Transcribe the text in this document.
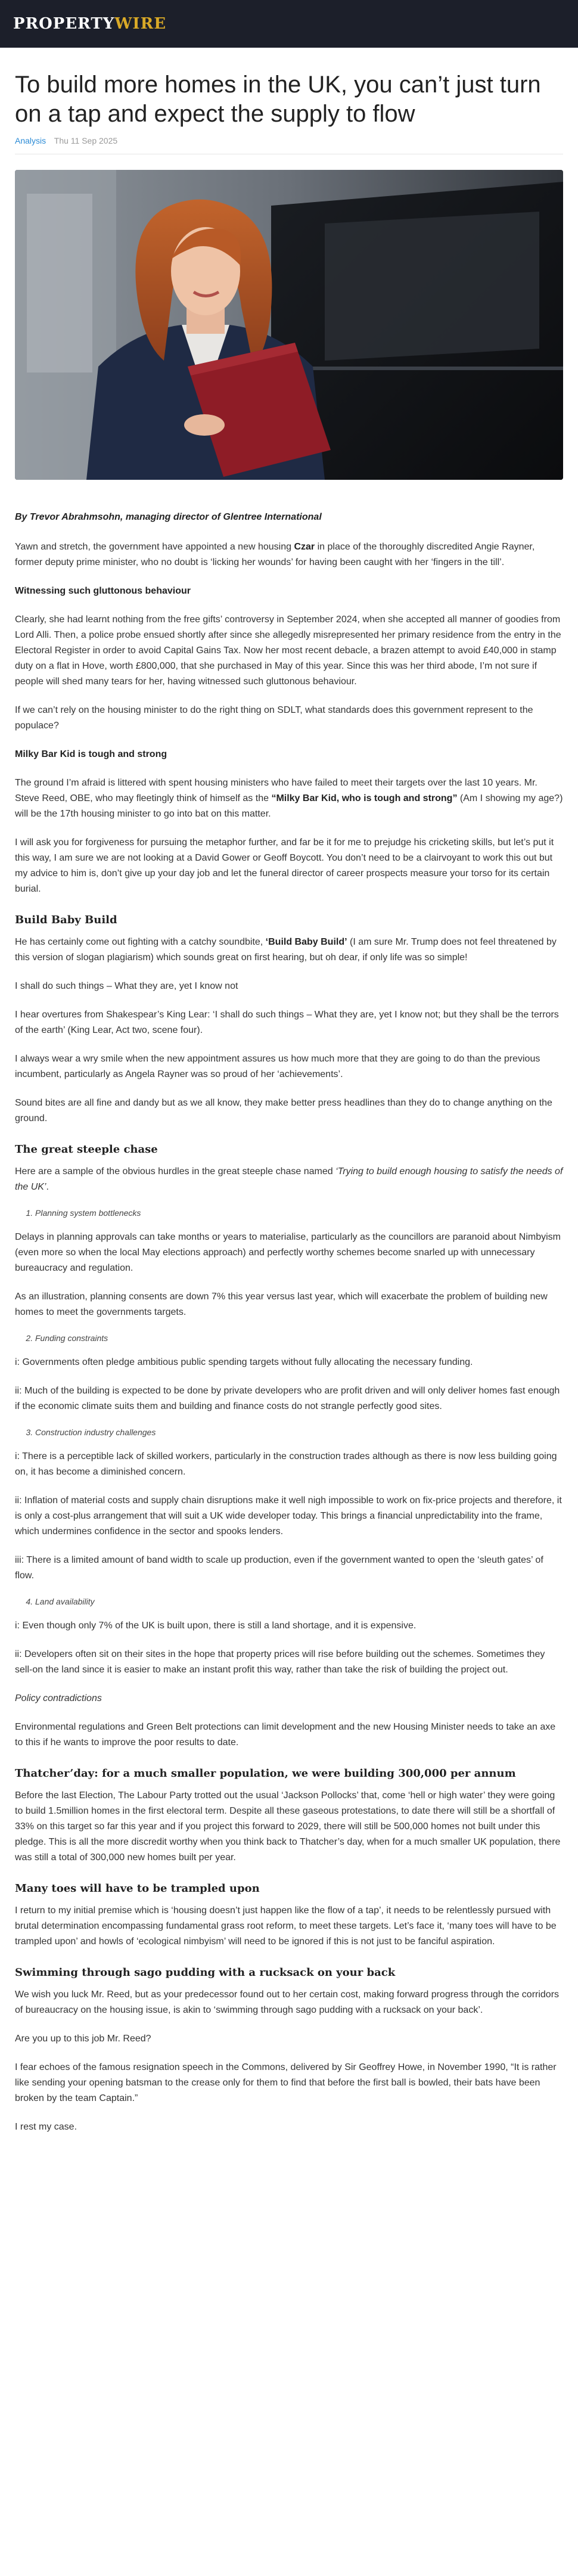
PROPERTYWIRE
To build more homes in the UK, you can’t just turn on a tap and expect the supply to flow
Analysis Thu 11 Sep 2025

By Trevor Abrahmsohn, managing director of Glentree International

Yawn and stretch, the government have appointed a new housing Czar in place of the thoroughly discredited Angie Rayner, former deputy prime minister, who no doubt is ‘licking her wounds’ for having been caught with her ‘fingers in the till’.

Witnessing such gluttonous behaviour

Clearly, she had learnt nothing from the free gifts’ controversy in September 2024, when she accepted all manner of goodies from Lord Alli. Then, a police probe ensued shortly after since she allegedly misrepresented her primary residence from the entry in the Electoral Register in order to avoid Capital Gains Tax. Now her most recent debacle, a brazen attempt to avoid £40,000 in stamp duty on a flat in Hove, worth £800,000, that she purchased in May of this year. Since this was her third abode, I’m not sure if people will shed many tears for her, having witnessed such gluttonous behaviour.

If we can’t rely on the housing minister to do the right thing on SDLT, what standards does this government represent to the populace?

Milky Bar Kid is tough and strong

The ground I’m afraid is littered with spent housing ministers who have failed to meet their targets over the last 10 years. Mr. Steve Reed, OBE, who may fleetingly think of himself as the “Milky Bar Kid, who is tough and strong” (Am I showing my age?) will be the 17th housing minister to go into bat on this matter.

I will ask you for forgiveness for pursuing the metaphor further, and far be it for me to prejudge his cricketing skills, but let’s put it this way, I am sure we are not looking at a David Gower or Geoff Boycott. You don’t need to be a clairvoyant to work this out but my advice to him is, don’t give up your day job and let the funeral director of career prospects measure your torso for its certain burial.

Build Baby Build

He has certainly come out fighting with a catchy soundbite, ‘Build Baby Build’ (I am sure Mr. Trump does not feel threatened by this version of slogan plagiarism) which sounds great on first hearing, but oh dear, if only life was so simple!

I shall do such things – What they are, yet I know not

I hear overtures from Shakespear’s King Lear: ‘I shall do such things – What they are, yet I know not; but they shall be the terrors of the earth’ (King Lear, Act two, scene four).

I always wear a wry smile when the new appointment assures us how much more that they are going to do than the previous incumbent, particularly as Angela Rayner was so proud of her ‘achievements’.

Sound bites are all fine and dandy but as we all know, they make better press headlines than they do to change anything on the ground.

The great steeple chase

Here are a sample of the obvious hurdles in the great steeple chase named ‘Trying to build enough housing to satisfy the needs of the UK’.

1. Planning system bottlenecks

Delays in planning approvals can take months or years to materialise, particularly as the councillors are paranoid about Nimbyism (even more so when the local May elections approach) and perfectly worthy schemes become snarled up with unnecessary bureaucracy and regulation.

As an illustration, planning consents are down 7% this year versus last year, which will exacerbate the problem of building new homes to meet the governments targets.

2. Funding constraints

i: Governments often pledge ambitious public spending targets without fully allocating the necessary funding.

ii: Much of the building is expected to be done by private developers who are profit driven and will only deliver homes fast enough if the economic climate suits them and building and finance costs do not strangle perfectly good sites.

3. Construction industry challenges

i: There is a perceptible lack of skilled workers, particularly in the construction trades although as there is now less building going on, it has become a diminished concern.

ii: Inflation of material costs and supply chain disruptions make it well nigh impossible to work on fix-price projects and therefore, it is only a cost-plus arrangement that will suit a UK wide developer today. This brings a financial unpredictability into the frame, which undermines confidence in the sector and spooks lenders.

iii: There is a limited amount of band width to scale up production, even if the government wanted to open the ‘sleuth gates’ of flow.

4. Land availability

i: Even though only 7% of the UK is built upon, there is still a land shortage, and it is expensive.

ii: Developers often sit on their sites in the hope that property prices will rise before building out the schemes. Sometimes they sell-on the land since it is easier to make an instant profit this way, rather than take the risk of building the project out.

Policy contradictions

Environmental regulations and Green Belt protections can limit development and the new Housing Minister needs to take an axe to this if he wants to improve the poor results to date.

Thatcher’day: for a much smaller population, we were building 300,000 per annum

Before the last Election, The Labour Party trotted out the usual ‘Jackson Pollocks’ that, come ‘hell or high water’ they were going to build 1.5million homes in the first electoral term. Despite all these gaseous protestations, to date there will still be a shortfall of 33% on this target so far this year and if you project this forward to 2029, there will still be 500,000 homes not built under this pledge. This is all the more discredit worthy when you think back to Thatcher’s day, when for a much smaller UK population, there was still a total of 300,000 new homes built per year.

Many toes will have to be trampled upon

I return to my initial premise which is ‘housing doesn’t just happen like the flow of a tap’, it needs to be relentlessly pursued with brutal determination encompassing fundamental grass root reform, to meet these targets. Let’s face it, ‘many toes will have to be trampled upon’ and howls of ‘ecological nimbyism’ will need to be ignored if this is not just to be fanciful aspiration.

Swimming through sago pudding with a rucksack on your back

We wish you luck Mr. Reed, but as your predecessor found out to her certain cost, making forward progress through the corridors of bureaucracy on the housing issue, is akin to ‘swimming through sago pudding with a rucksack on your back’.

Are you up to this job Mr. Reed?

I fear echoes of the famous resignation speech in the Commons, delivered by Sir Geoffrey Howe, in November 1990, “It is rather like sending your opening batsman to the crease only for them to find that before the first ball is bowled, their bats have been broken by the team Captain.”

I rest my case.
